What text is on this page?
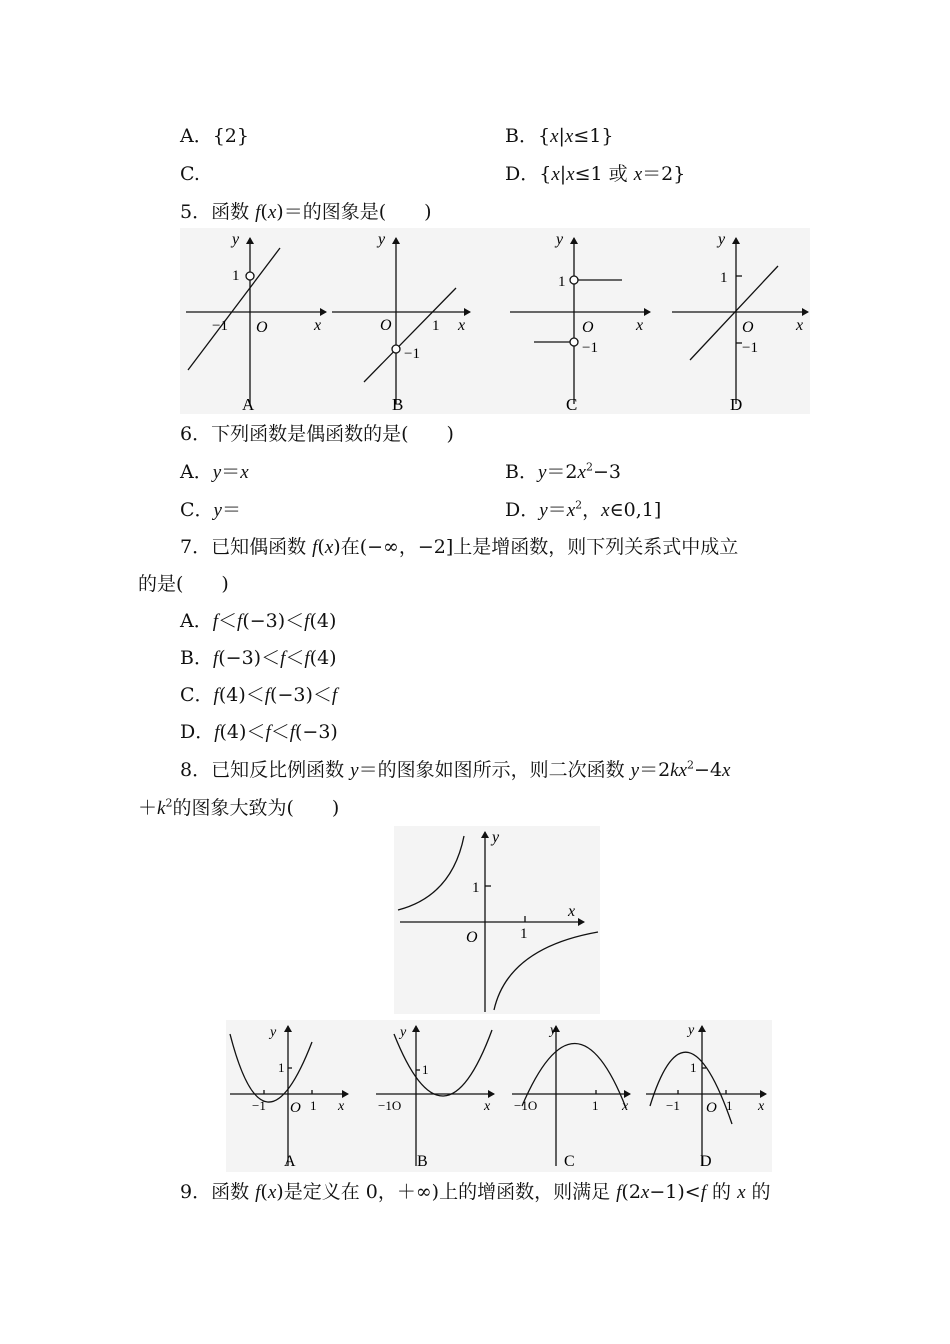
A．{2}	B．{x|x≤1}
C.	D．{x|x≤1 或 x＝2}
5．函数 f(x)＝的图象是(　　)
y
x
O
1
−1
A
y
x
O	1
−1
B
y
x
O
1
−1
C
y
x
O
1
−1
D
6．下列函数是偶函数的是(　　)
A．y＝x	B．$y=2x^2-3$
C．y＝	D．$y=x^2$，x∈0,1]
7．已知偶函数 f(x)在(−∞，−2]上是增函数，则下列关系式中成立
的是(　　)
A．f＜f(−3)＜f(4)
B．f(−3)＜f＜f(4)
C．f(4)＜f(−3)＜f
D．f(4)＜f＜f(−3)
8．已知反比例函数 y＝的图象如图所示，则二次函数 $y=2kx^2-4x$
$+k^2$的图象大致为(　　)
y
x
O
1
1
y
x
O
1
1
−1
A
y
x
−1O
1
B
y
x
−1O	1
C
y
x
O
1
1
−1
D
9．函数 f(x)是定义在 0，＋∞)上的增函数，则满足 f(2x−1)<f 的 x 的
